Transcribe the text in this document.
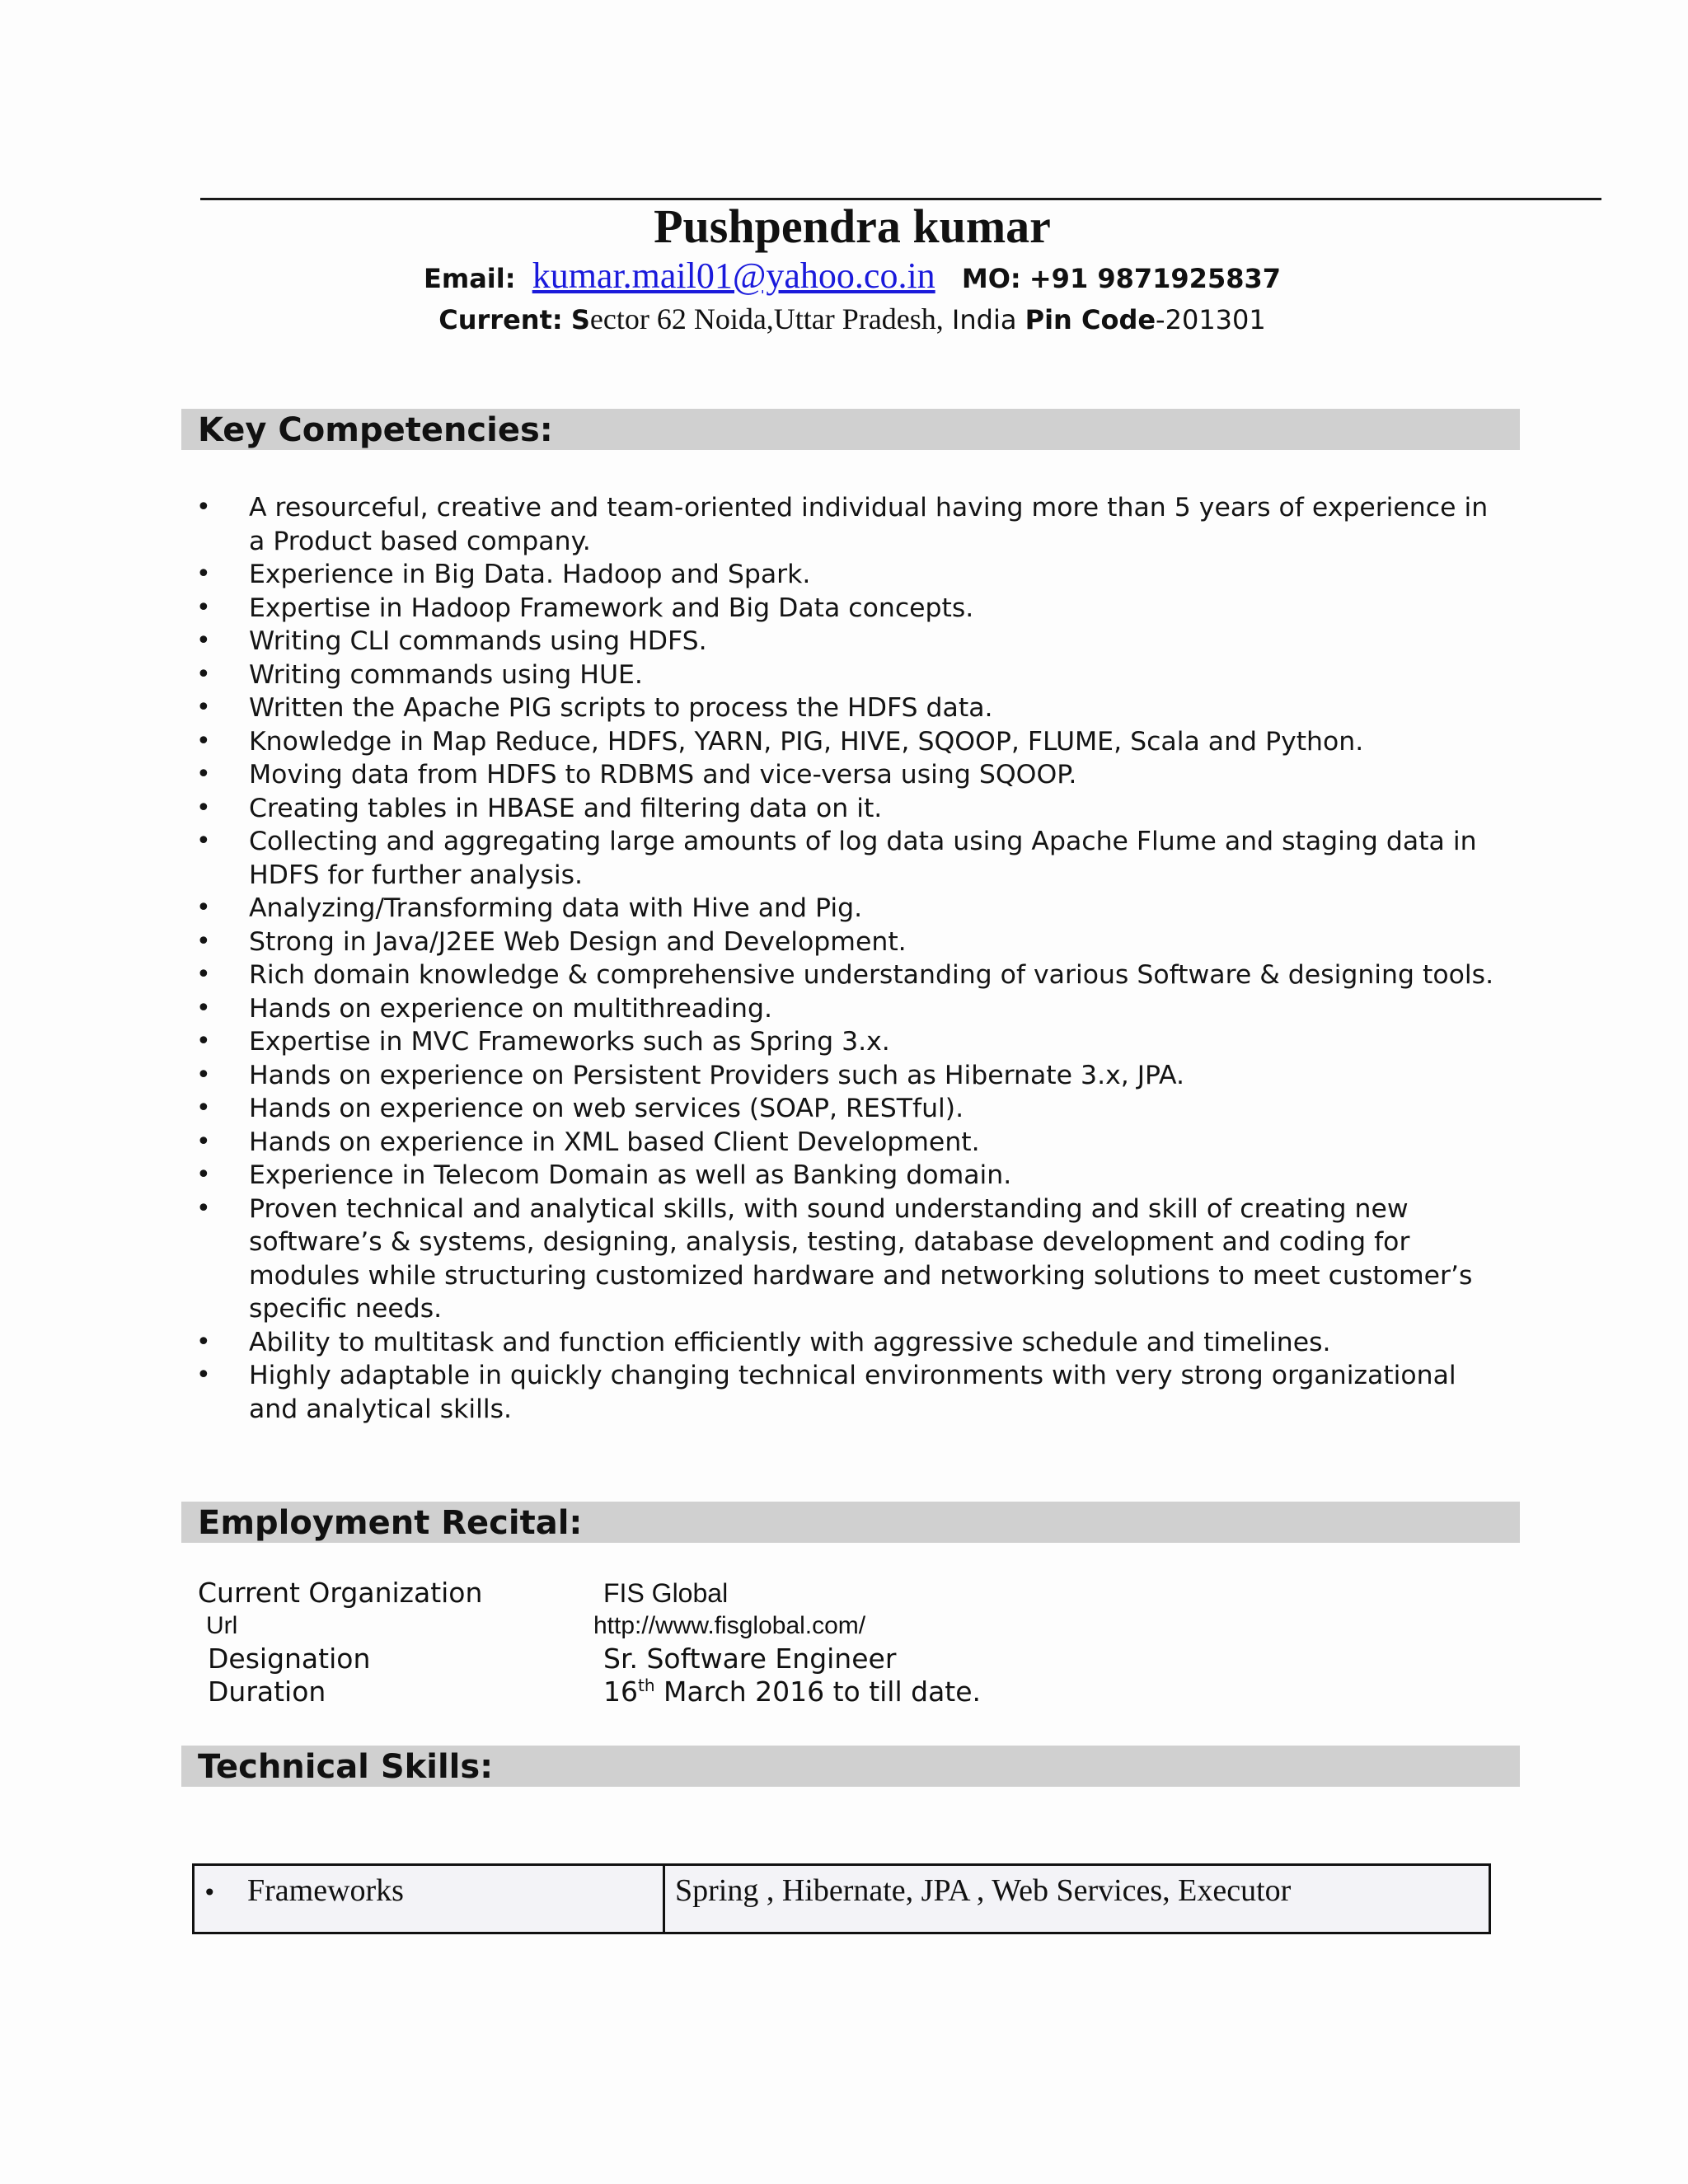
Pushpendra kumar
Email: kumar.mail01@yahoo.co.in MO: +91 9871925837
Current: Sector 62 Noida,Uttar Pradesh, India Pin Code-201301
Key Competencies:
• A resourceful, creative and team-oriented individual having more than 5 years of experience in a Product based company.
• Experience in Big Data. Hadoop and Spark.
• Expertise in Hadoop Framework and Big Data concepts.
• Writing CLI commands using HDFS.
• Writing commands using HUE.
• Written the Apache PIG scripts to process the HDFS data.
• Knowledge in Map Reduce, HDFS, YARN, PIG, HIVE, SQOOP, FLUME, Scala and Python.
• Moving data from HDFS to RDBMS and vice-versa using SQOOP.
• Creating tables in HBASE and filtering data on it.
• Collecting and aggregating large amounts of log data using Apache Flume and staging data in HDFS for further analysis.
• Analyzing/Transforming data with Hive and Pig.
• Strong in Java/J2EE Web Design and Development.
• Rich domain knowledge & comprehensive understanding of various Software & designing tools.
• Hands on experience on multithreading.
• Expertise in MVC Frameworks such as Spring 3.x.
• Hands on experience on Persistent Providers such as Hibernate 3.x, JPA.
• Hands on experience on web services (SOAP, RESTful).
• Hands on experience in XML based Client Development.
• Experience in Telecom Domain as well as Banking domain.
• Proven technical and analytical skills, with sound understanding and skill of creating new software’s & systems, designing, analysis, testing, database development and coding for modules while structuring customized hardware and networking solutions to meet customer’s specific needs.
• Ability to multitask and function efficiently with aggressive schedule and timelines.
• Highly adaptable in quickly changing technical environments with very strong organizational and analytical skills.
Employment Recital:
Current Organization	FIS Global
Url	http://www.fisglobal.com/
Designation	Sr. Software Engineer
Duration	16th March 2016 to till date.
Technical Skills:
• Frameworks	Spring , Hibernate, JPA , Web Services, Executor
